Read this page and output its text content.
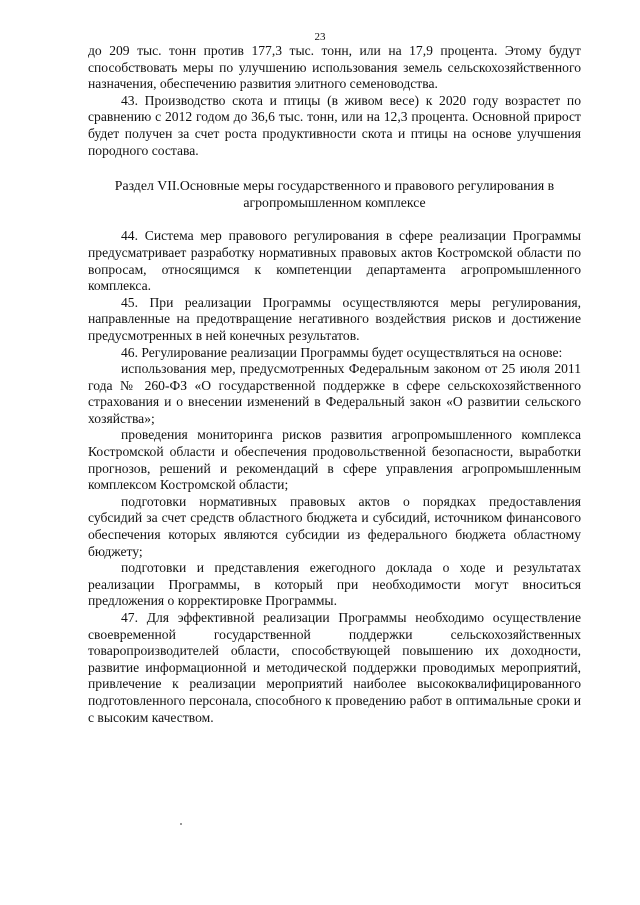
23

до 209 тыс. тонн против 177,3 тыс. тонн, или на 17,9 процента. Этому будут способствовать меры по улучшению использования земель сельскохозяйственного назначения, обеспечению развития элитного семеноводства.

43. Производство скота и птицы (в живом весе) к 2020 году возрастет по сравнению с 2012 годом до 36,6 тыс. тонн, или на 12,3 процента. Основной прирост будет получен за счет роста продуктивности скота и птицы на основе улучшения породного состава.

Раздел VII.Основные меры государственного и правового регулирования в агропромышленном комплексе

44. Система мер правового регулирования в сфере реализации Программы предусматривает разработку нормативных правовых актов Костромской области по вопросам, относящимся к компетенции департамента агропромышленного комплекса.

45. При реализации Программы осуществляются меры регулирования, направленные на предотвращение негативного воздействия рисков и достижение предусмотренных в ней конечных результатов.

46. Регулирование реализации Программы будет осуществляться на основе:

использования мер, предусмотренных Федеральным законом от 25 июля 2011 года № 260-ФЗ «О государственной поддержке в сфере сельскохозяйственного страхования и о внесении изменений в Федеральный закон «О развитии сельского хозяйства»;

проведения мониторинга рисков развития агропромышленного комплекса Костромской области и обеспечения продовольственной безопасности, выработки прогнозов, решений и рекомендаций в сфере управления агропромышленным комплексом Костромской области;

подготовки нормативных правовых актов о порядках предоставления субсидий за счет средств областного бюджета и субсидий, источником финансового обеспечения которых являются субсидии из федерального бюджета областному бюджету;

подготовки и представления ежегодного доклада о ходе и результатах реализации Программы, в который при необходимости могут вноситься предложения о корректировке Программы.

47. Для эффективной реализации Программы необходимо осуществление своевременной государственной поддержки сельскохозяйственных товаропроизводителей области, способствующей повышению их доходности, развитие информационной и методической поддержки проводимых мероприятий, привлечение к реализации мероприятий наиболее высококвалифицированного подготовленного персонала, способного к проведению работ в оптимальные сроки и с высоким качеством.
